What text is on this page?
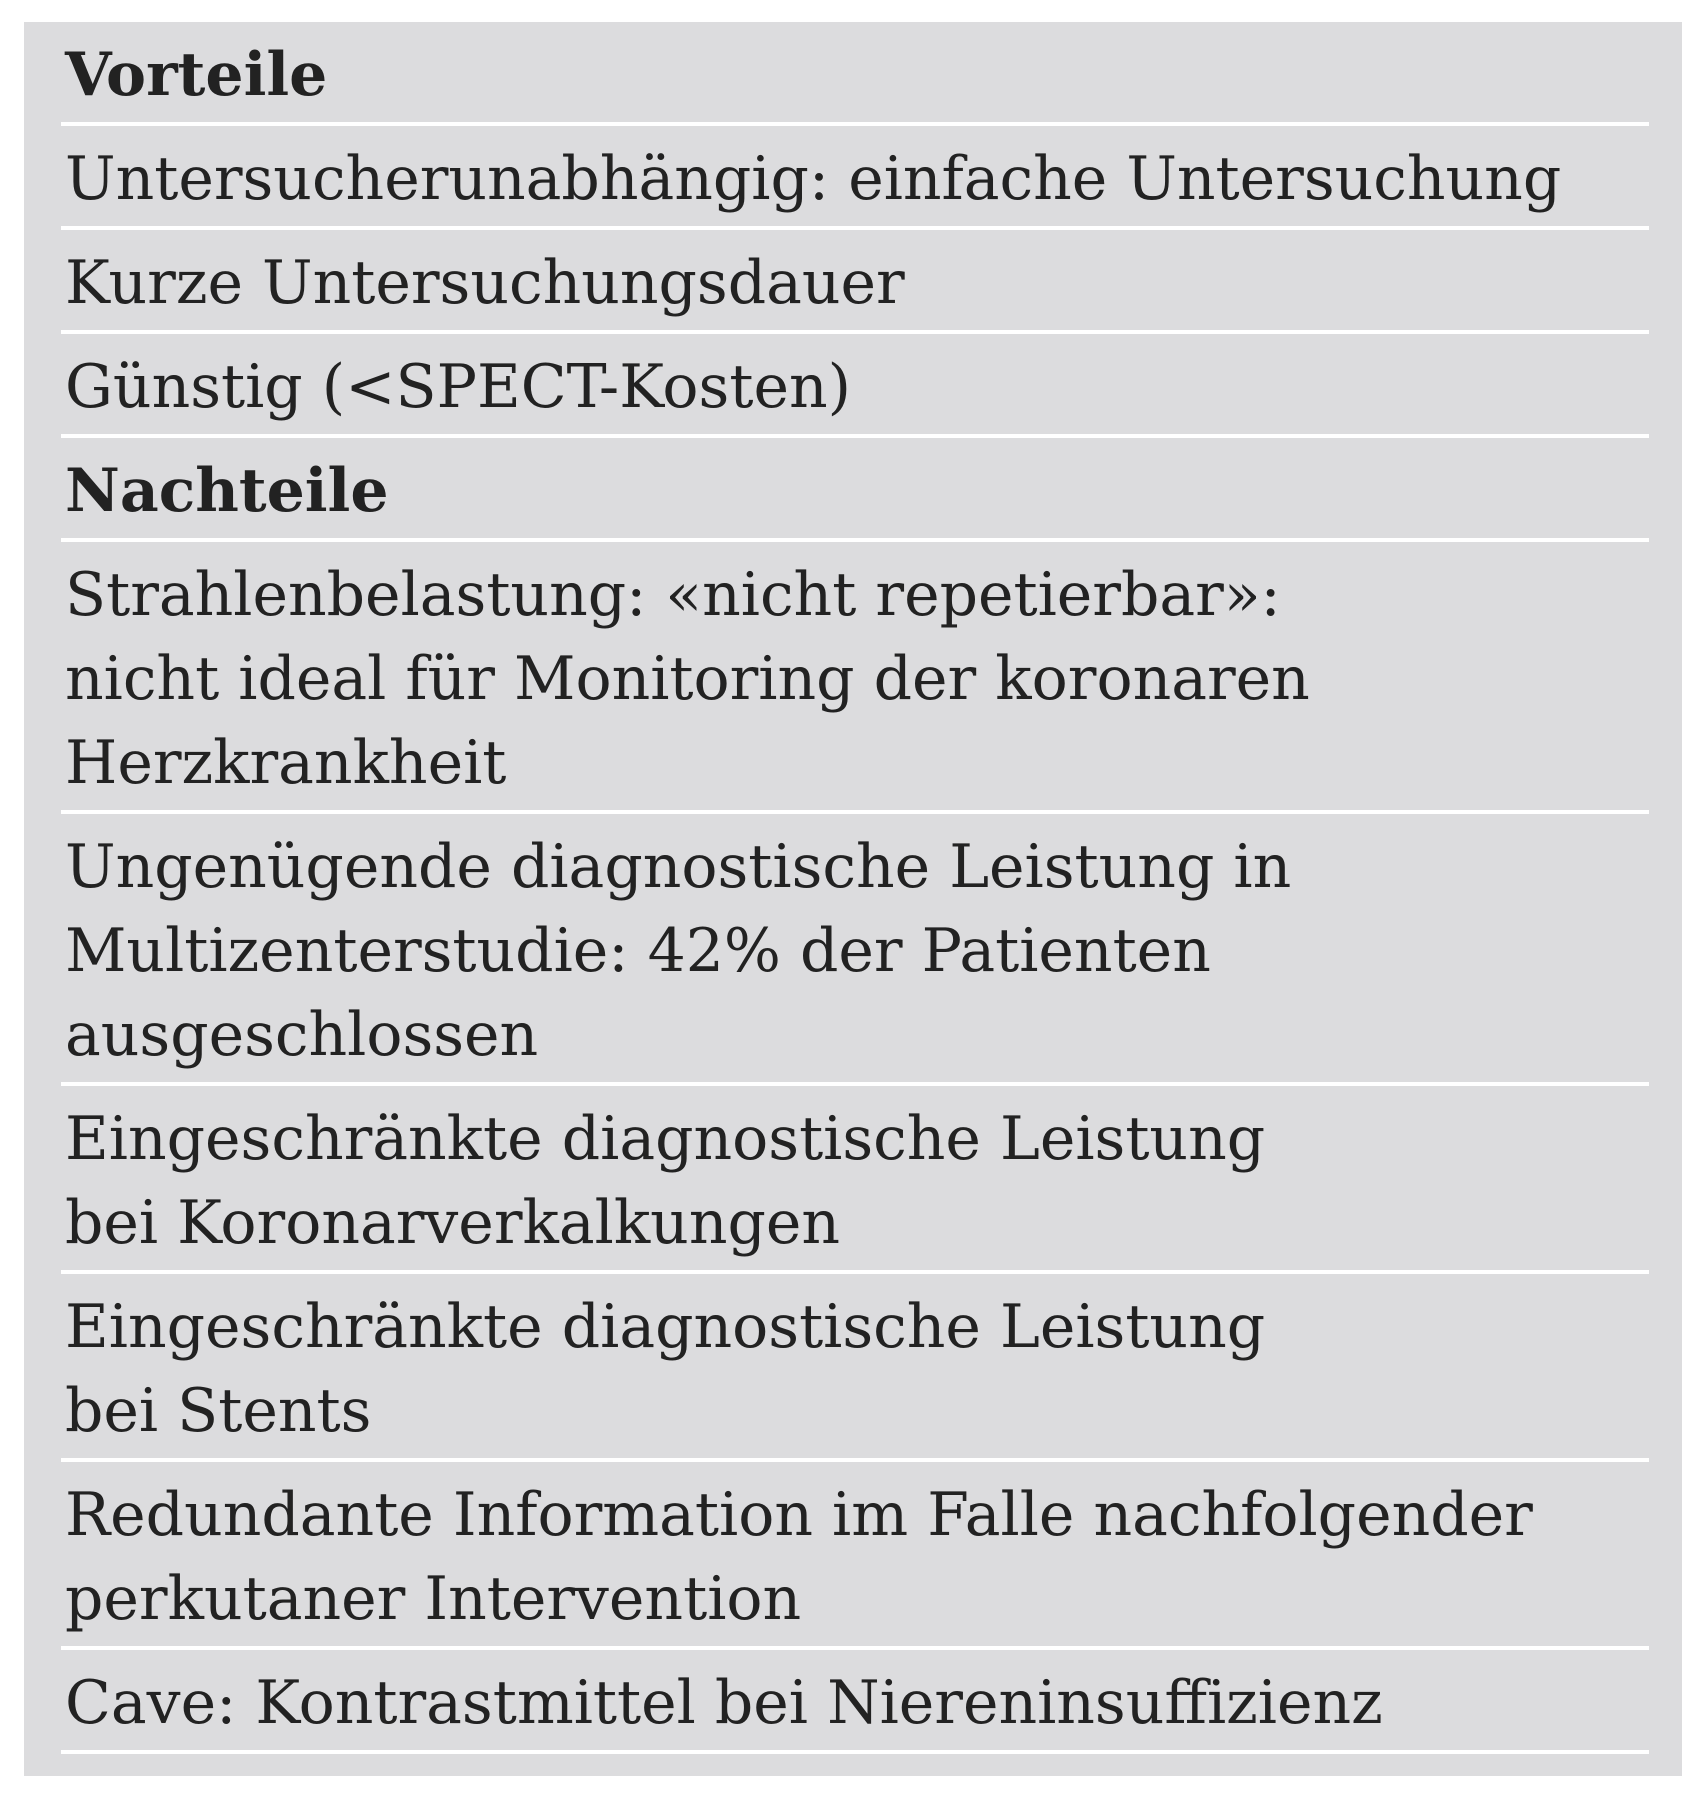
Vorteile
Untersucherunabhängig: einfache Untersuchung
Kurze Untersuchungsdauer
Günstig (<SPECT-Kosten)
Nachteile
Strahlenbelastung: «nicht repetierbar»:
nicht ideal für Monitoring der koronaren
Herzkrankheit
Ungenügende diagnostische Leistung in
Multizenterstudie: 42% der Patienten
ausgeschlossen
Eingeschränkte diagnostische Leistung
bei Koronarverkalkungen
Eingeschränkte diagnostische Leistung
bei Stents
Redundante Information im Falle nachfolgender
perkutaner Intervention
Cave: Kontrastmittel bei Niereninsuffizienz
